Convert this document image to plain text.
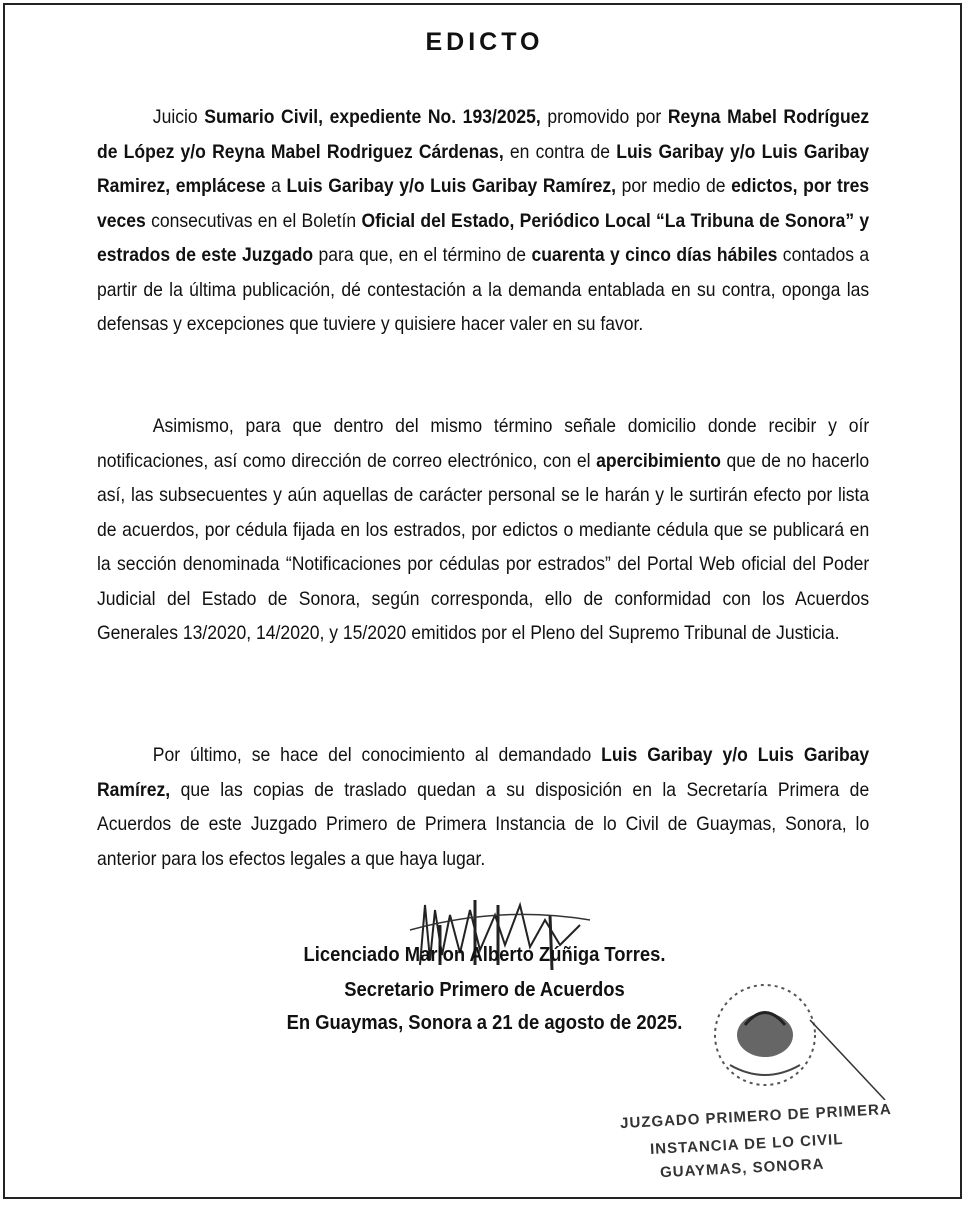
EDICTO
Juicio Sumario Civil, expediente No. 193/2025, promovido por Reyna Mabel Rodríguez de López y/o Reyna Mabel Rodriguez Cárdenas, en contra de Luis Garibay y/o Luis Garibay Ramirez, emplácese a Luis Garibay y/o Luis Garibay Ramírez, por medio de edictos, por tres veces consecutivas en el Boletín Oficial del Estado, Periódico Local “La Tribuna de Sonora” y estrados de este Juzgado para que, en el término de cuarenta y cinco días hábiles contados a partir de la última publicación, dé contestación a la demanda entablada en su contra, oponga las defensas y excepciones que tuviere y quisiere hacer valer en su favor.
Asimismo, para que dentro del mismo término señale domicilio donde recibir y oír notificaciones, así como dirección de correo electrónico, con el apercibimiento que de no hacerlo así, las subsecuentes y aún aquellas de carácter personal se le harán y le surtirán efecto por lista de acuerdos, por cédula fijada en los estrados, por edictos o mediante cédula que se publicará en la sección denominada “Notificaciones por cédulas por estrados” del Portal Web oficial del Poder Judicial del Estado de Sonora, según corresponda, ello de conformidad con los Acuerdos Generales 13/2020, 14/2020, y 15/2020 emitidos por el Pleno del Supremo Tribunal de Justicia.
Por último, se hace del conocimiento al demandado Luis Garibay y/o Luis Garibay Ramírez, que las copias de traslado quedan a su disposición en la Secretaría Primera de Acuerdos de este Juzgado Primero de Primera Instancia de lo Civil de Guaymas, Sonora, lo anterior para los efectos legales a que haya lugar.
Licenciado Marlon Alberto Zúñiga Torres.
Secretario Primero de Acuerdos
En Guaymas, Sonora a 21 de agosto de 2025.
JUZGADO PRIMERO DE PRIMERA
INSTANCIA DE LO CIVIL
GUAYMAS, SONORA
